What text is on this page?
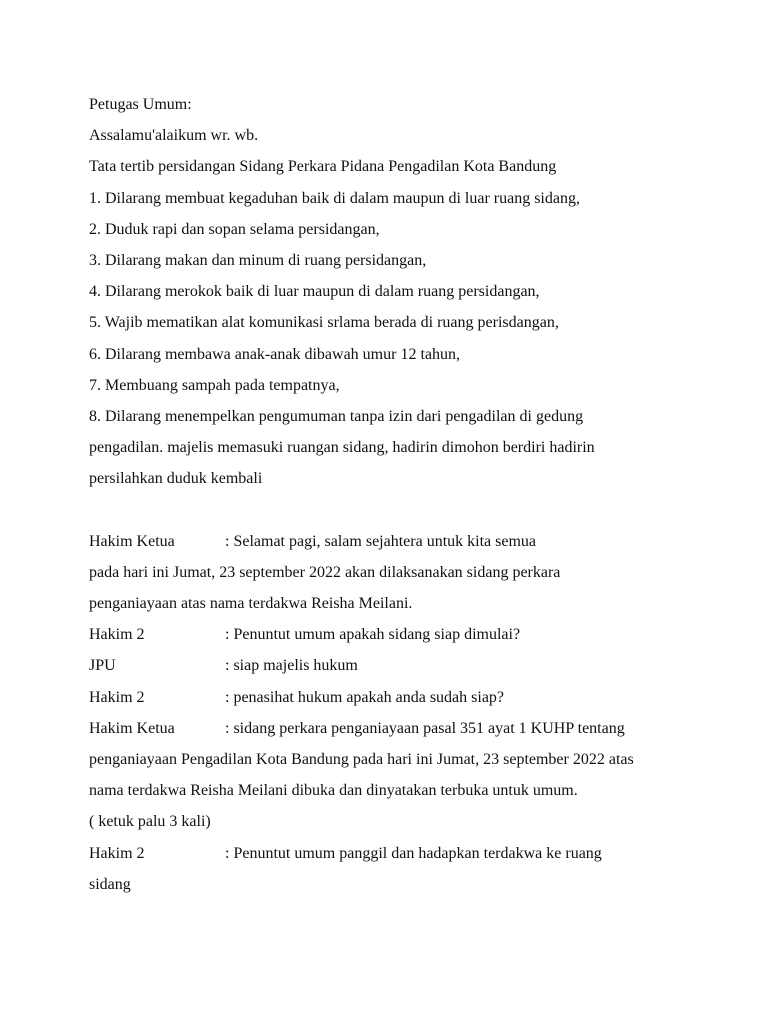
Petugas Umum:
Assalamu'alaikum wr. wb.
Tata tertib persidangan Sidang Perkara Pidana Pengadilan Kota Bandung
1. Dilarang membuat kegaduhan baik di dalam maupun di luar ruang sidang,
2. Duduk rapi dan sopan selama persidangan,
3. Dilarang makan dan minum di ruang persidangan,
4. Dilarang merokok baik di luar maupun di dalam ruang persidangan,
5. Wajib mematikan alat komunikasi srlama berada di ruang perisdangan,
6. Dilarang membawa anak-anak dibawah umur 12 tahun,
7. Membuang sampah pada tempatnya,
8. Dilarang menempelkan pengumuman tanpa izin dari pengadilan di gedung
pengadilan. majelis memasuki ruangan sidang, hadirin dimohon berdiri hadirin
persilahkan duduk kembali
Hakim Ketua	: Selamat pagi, salam sejahtera untuk kita semua
pada hari ini Jumat, 23 september 2022 akan dilaksanakan sidang perkara
penganiayaan atas nama terdakwa Reisha Meilani.
Hakim 2	: Penuntut umum apakah sidang siap dimulai?
JPU	: siap majelis hukum
Hakim 2	: penasihat hukum apakah anda sudah siap?
Hakim Ketua	: sidang perkara penganiayaan pasal 351 ayat 1 KUHP tentang
penganiayaan Pengadilan Kota Bandung pada hari ini Jumat, 23 september 2022 atas
nama terdakwa Reisha Meilani dibuka dan dinyatakan terbuka untuk umum.
( ketuk palu 3 kali)
Hakim 2	: Penuntut umum panggil dan hadapkan terdakwa ke ruang
sidang
